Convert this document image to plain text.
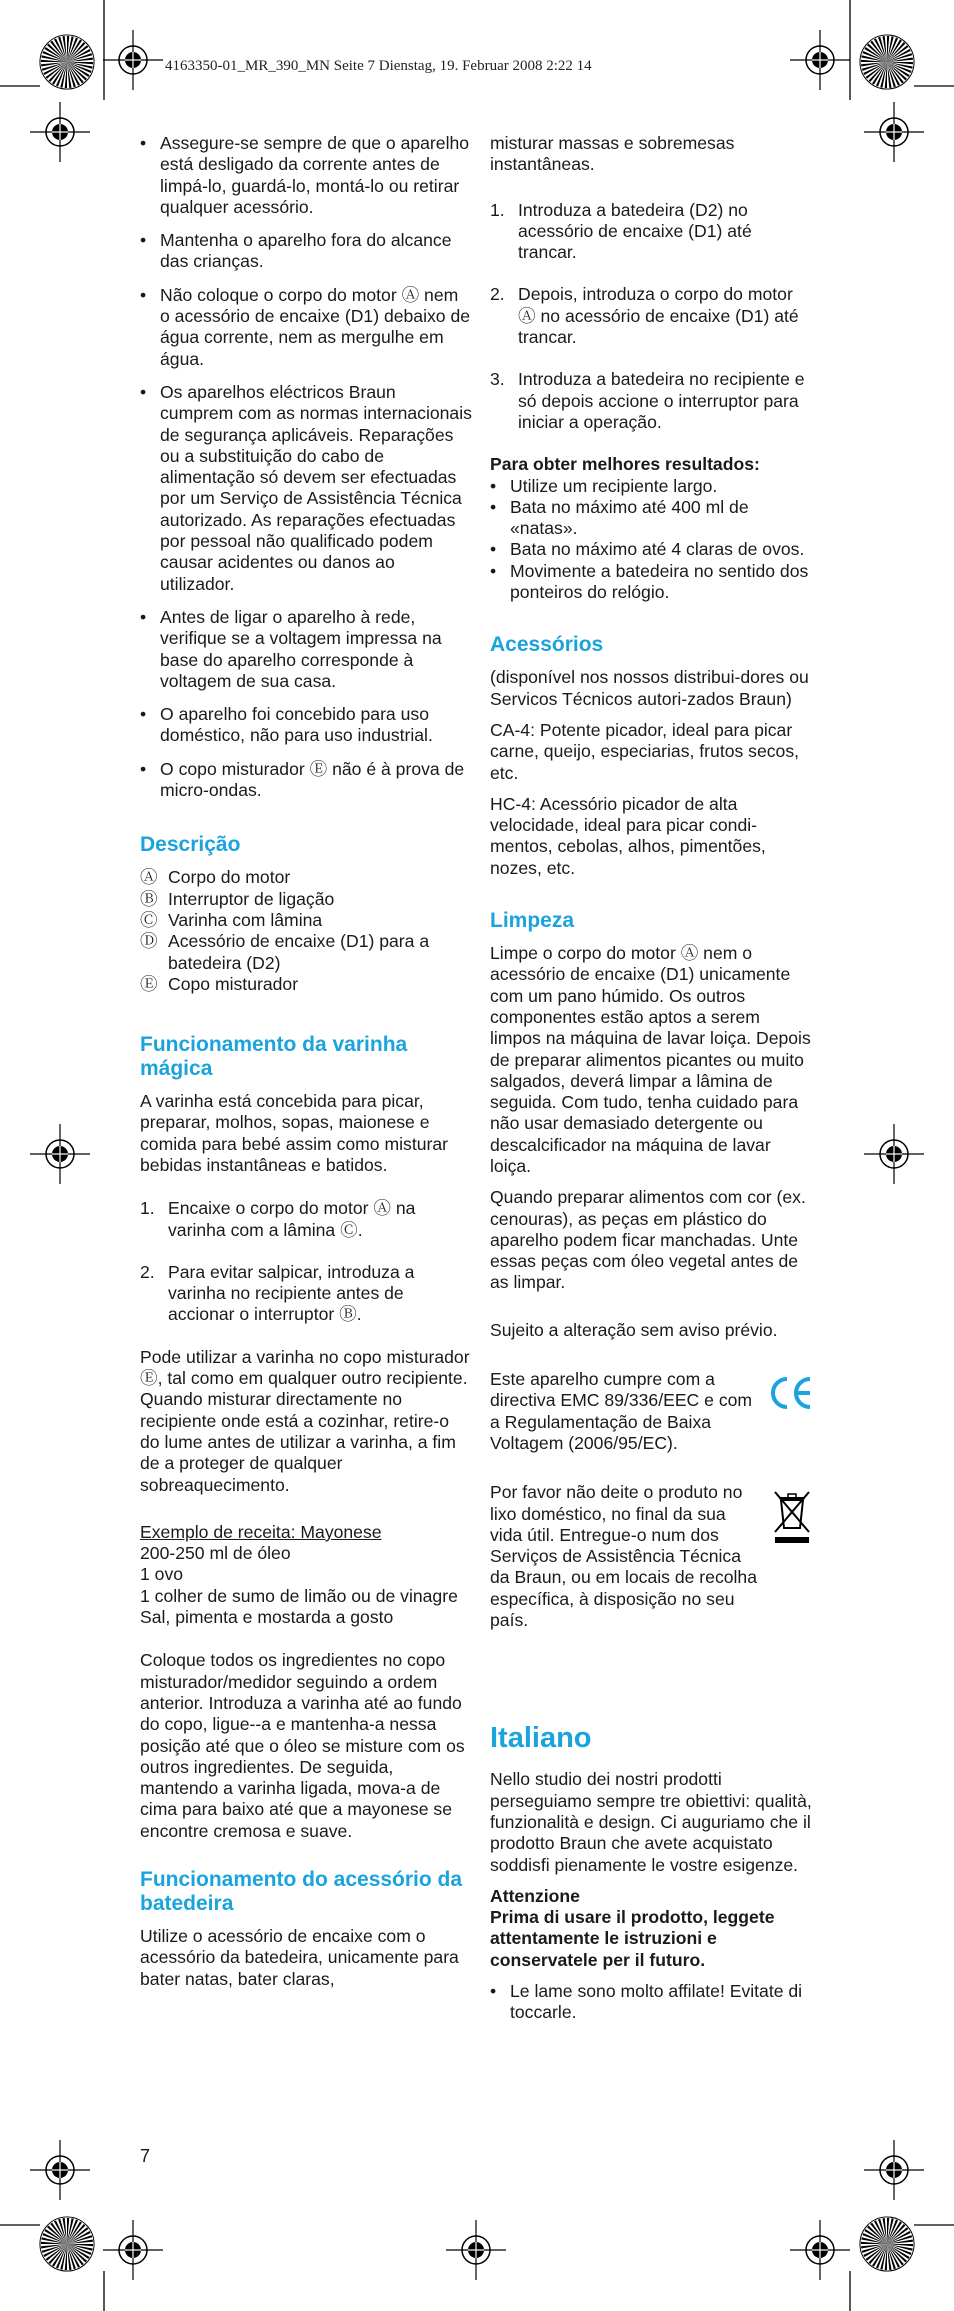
4163350-01_MR_390_MN Seite 7 Dienstag, 19. Februar 2008 2:22 14
• Assegure-se sempre de que o aparelho está desligado da corrente antes de limpá-lo, guardá-lo, montá-lo ou retirar qualquer acessório.
• Mantenha o aparelho fora do alcance das crianças.
• Não coloque o corpo do motor Ⓐ nem o acessório de encaixe (D1) debaixo de água corrente, nem as mergulhe em água.
• Os aparelhos eléctricos Braun cumprem com as normas internacionais de segurança aplicáveis. Reparações ou a substituição do cabo de alimentação só devem ser efectuadas por um Serviço de Assistência Técnica autorizado. As reparações efectuadas por pessoal não qualificado podem causar acidentes ou danos ao utilizador.
• Antes de ligar o aparelho à rede, verifique se a voltagem impressa na base do aparelho corresponde à voltagem de sua casa.
• O aparelho foi concebido para uso doméstico, não para uso industrial.
• O copo misturador Ⓔ não é à prova de micro-ondas.
Descrição
Ⓐ Corpo do motor
Ⓑ Interruptor de ligação
Ⓒ Varinha com lâmina
Ⓓ Acessório de encaixe (D1) para a batedeira (D2)
Ⓔ Copo misturador
Funcionamento da varinha mágica

A varinha está concebida para picar, preparar, molhos, sopas, maionese e comida para bebé assim como misturar bebidas instantâneas e batidos.

1. Encaixe o corpo do motor Ⓐ na varinha com a lâmina Ⓒ.
2. Para evitar salpicar, introduza a varinha no recipiente antes de accionar o interruptor Ⓑ.

Pode utilizar a varinha no copo misturador Ⓔ, tal como em qualquer outro recipiente. Quando misturar directamente no recipiente onde está a cozinhar, retire-o do lume antes de utilizar a varinha, a fim de a proteger de qualquer sobreaquecimento.

Exemplo de receita: Mayonese

200-250 ml de óleo

1 ovo

1 colher de sumo de limão ou de vinagre

Sal, pimenta e mostarda a gosto

Coloque todos os ingredientes no copo misturador/medidor seguindo a ordem anterior. Introduza a varinha até ao fundo do copo, ligue--a e mantenha-a nessa posição até que o óleo se misture com os outros ingredientes. De seguida, mantendo a varinha ligada, mova-a de cima para baixo até que a mayonese se encontre cremosa e suave.

Funcionamento do acessório da batedeira

Utilize o acessório de encaixe com o acessório da batedeira, unicamente para bater natas, bater claras,

misturar massas e sobremesas instantâneas.

1. Introduza a batedeira (D2) no acessório de encaixe (D1) até trancar.
2. Depois, introduza o corpo do motor Ⓐ no acessório de encaixe (D1) até trancar.
3. Introduza a batedeira no recipiente e só depois accione o interruptor para iniciar a operação.

Para obter melhores resultados:

• Utilize um recipiente largo.
• Bata no máximo até 400 ml de «natas».
• Bata no máximo até 4 claras de ovos.
• Movimente a batedeira no sentido dos ponteiros do relógio.
Acessórios

(disponível nos nossos distribui-dores ou Servicos Técnicos autori-zados Braun)

CA-4: Potente picador, ideal para picar carne, queijo, especiarias, frutos secos, etc.

HC-4: Acessório picador de alta velocidade, ideal para picar condi-mentos, cebolas, alhos, pimentões, nozes, etc.

Limpeza

Limpe o corpo do motor Ⓐ nem o acessório de encaixe (D1) unicamente com um pano húmido. Os outros componentes estão aptos a serem limpos na máquina de lavar loiça. Depois de preparar alimentos picantes ou muito salgados, deverá limpar a lâmina de seguida. Com tudo, tenha cuidado para não usar demasiado detergente ou descalcificador na máquina de lavar loiça.

Quando preparar alimentos com cor (ex. cenouras), as peças em plástico do aparelho podem ficar manchadas. Unte essas peças com óleo vegetal antes de as limpar.

Sujeito a alteração sem aviso prévio.

Este aparelho cumpre com a directiva EMC 89/336/EEC e com a Regulamentação de Baixa Voltagem (2006/95/EC).

Por favor não deite o produto no lixo doméstico, no final da sua vida útil. Entregue-o num dos Serviços de Assistência Técnica da Braun, ou em locais de recolha específica, à disposição no seu país.

Italiano

Nello studio dei nostri prodotti perseguiamo sempre tre obiettivi: qualità, funzionalità e design. Ci auguriamo che il prodotto Braun che avete acquistato soddisfi pienamente le vostre esigenze.

Attenzione

Prima di usare il prodotto, leggete attentamente le istruzioni e conservatele per il futuro.

• Le lame sono molto affilate! Evitate di toccarle.
7
